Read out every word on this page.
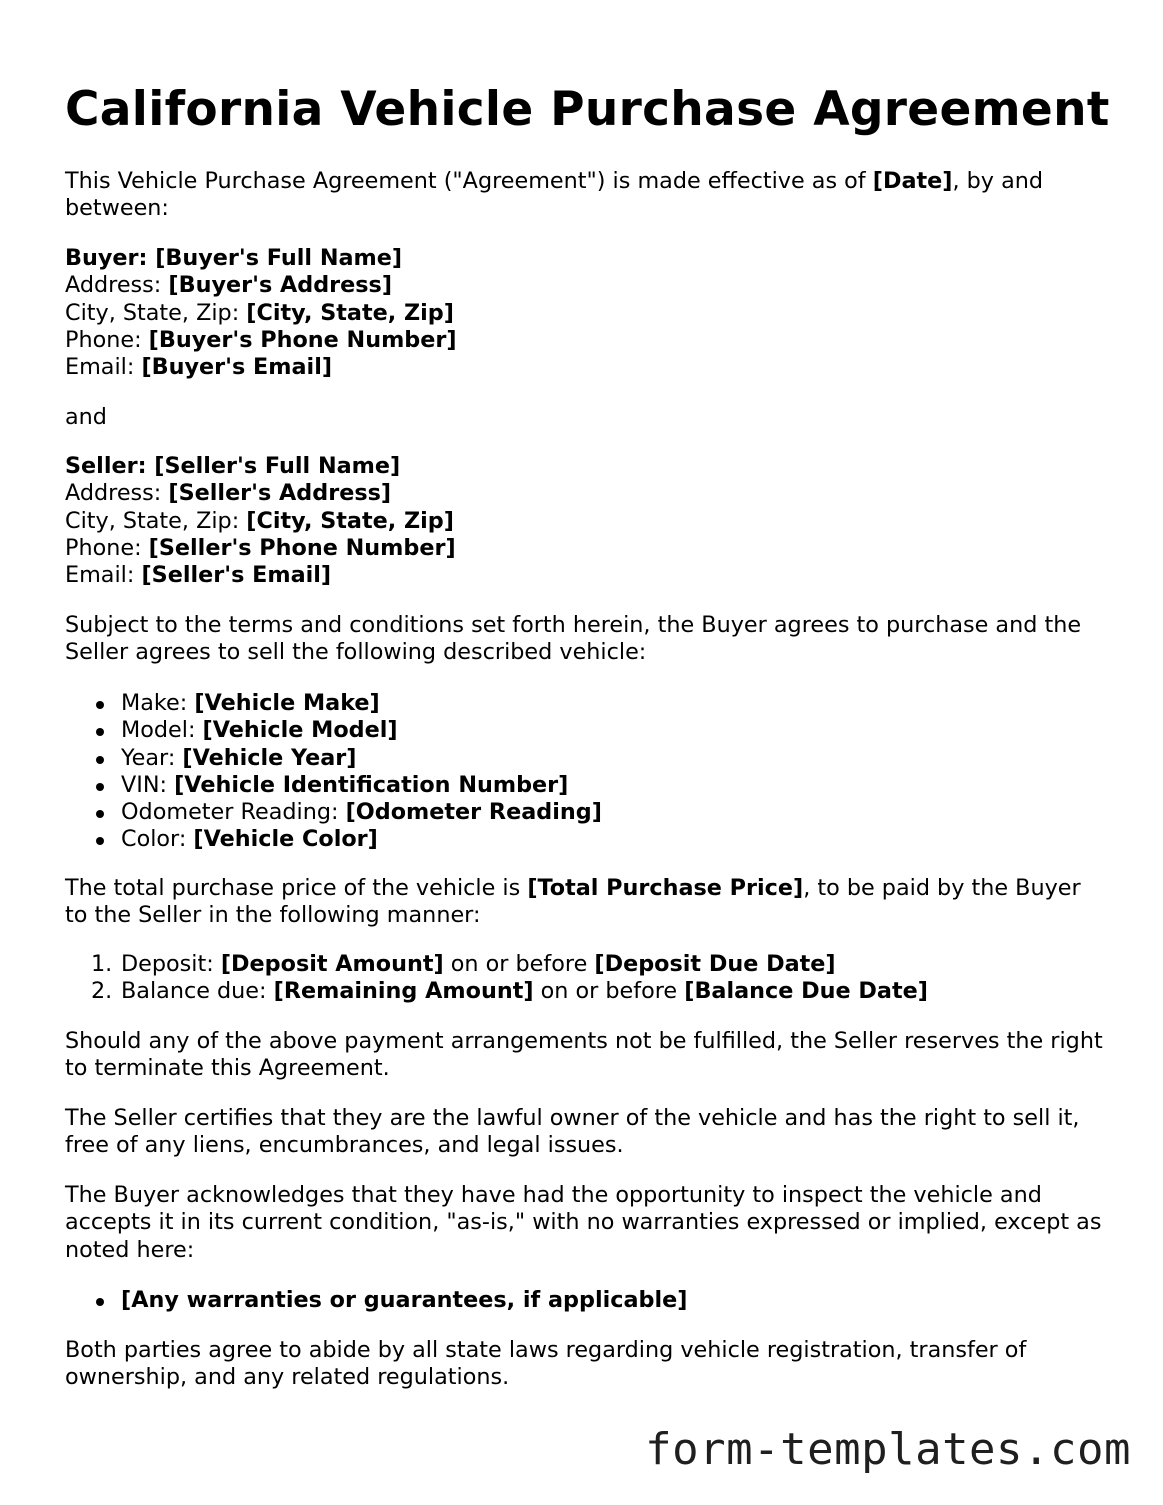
California Vehicle Purchase Agreement

This Vehicle Purchase Agreement ("Agreement") is made effective as of [Date], by and between:

Buyer: [Buyer's Full Name]
Address: [Buyer's Address]
City, State, Zip: [City, State, Zip]
Phone: [Buyer's Phone Number]
Email: [Buyer's Email]

and

Seller: [Seller's Full Name]
Address: [Seller's Address]
City, State, Zip: [City, State, Zip]
Phone: [Seller's Phone Number]
Email: [Seller's Email]

Subject to the terms and conditions set forth herein, the Buyer agrees to purchase and the Seller agrees to sell the following described vehicle:

Make: [Vehicle Make]
Model: [Vehicle Model]
Year: [Vehicle Year]
VIN: [Vehicle Identification Number]
Odometer Reading: [Odometer Reading]
Color: [Vehicle Color]

The total purchase price of the vehicle is [Total Purchase Price], to be paid by the Buyer to the Seller in the following manner:

1. Deposit: [Deposit Amount] on or before [Deposit Due Date]
2. Balance due: [Remaining Amount] on or before [Balance Due Date]

Should any of the above payment arrangements not be fulfilled, the Seller reserves the right to terminate this Agreement.

The Seller certifies that they are the lawful owner of the vehicle and has the right to sell it, free of any liens, encumbrances, and legal issues.

The Buyer acknowledges that they have had the opportunity to inspect the vehicle and accepts it in its current condition, "as-is," with no warranties expressed or implied, except as noted here:

[Any warranties or guarantees, if applicable]

Both parties agree to abide by all state laws regarding vehicle registration, transfer of ownership, and any related regulations.

form-templates.com
